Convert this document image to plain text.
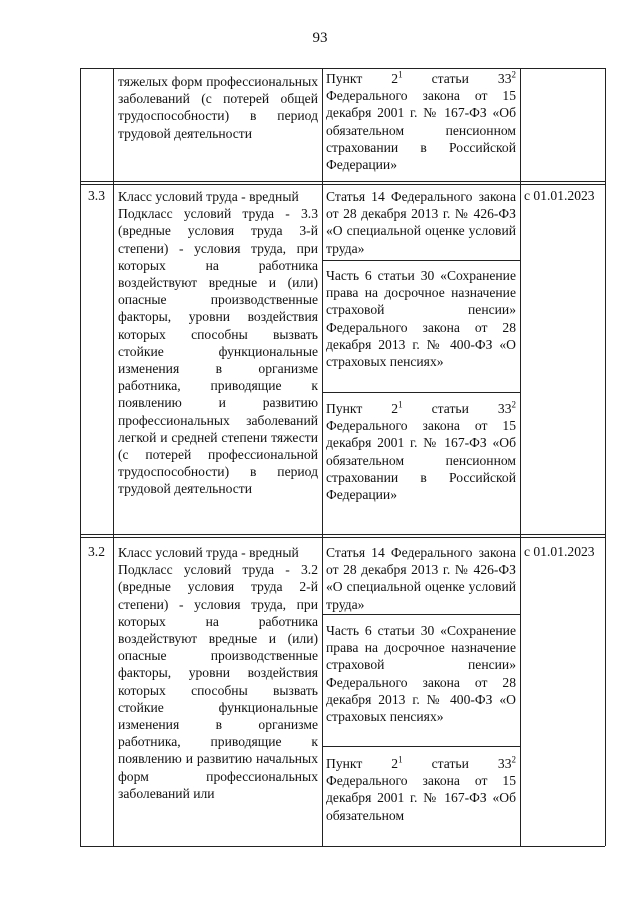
93

тяжелых форм профессиональных заболеваний (с потерей общей трудоспособности) в период трудовой деятельности

Пункт $2^1$ статьи $33^2$ Федерального закона от 15 декабря 2001 г. № 167-ФЗ «Об обязательном пенсионном страховании в Российской Федерации»

3.3 Класс условий труда - вредный

Подкласс условий труда - 3.3 (вредные условия труда 3-й степени) - условия труда, при которых на работника воздействуют вредные и (или) опасные производственные факторы, уровни воздействия которых способны вызвать стойкие функциональные изменения в организме работника, приводящие к появлению и развитию профессиональных заболеваний легкой и средней степени тяжести (с потерей профессиональной трудоспособности) в период трудовой деятельности

Статья 14 Федерального закона от 28 декабря 2013 г. № 426-ФЗ «О специальной оценке условий труда»

Часть 6 статьи 30 «Сохранение права на досрочное назначение страховой пенсии» Федерального закона от 28 декабря 2013 г. № 400-ФЗ «О страховых пенсиях»

Пункт $2^1$ статьи $33^2$ Федерального закона от 15 декабря 2001 г. № 167-ФЗ «Об обязательном пенсионном страховании в Российской Федерации»

с 01.01.2023
3.2 Класс условий труда - вредный

Подкласс условий труда - 3.2 (вредные условия труда 2-й степени) - условия труда, при которых на работника воздействуют вредные и (или) опасные производственные факторы, уровни воздействия которых способны вызвать стойкие функциональные изменения в организме работника, приводящие к появлению и развитию начальных форм профессиональных заболеваний или

Статья 14 Федерального закона от 28 декабря 2013 г. № 426-ФЗ «О специальной оценке условий труда»

Часть 6 статьи 30 «Сохранение права на досрочное назначение страховой пенсии» Федерального закона от 28 декабря 2013 г. № 400-ФЗ «О страховых пенсиях»

Пункт $2^1$ статьи $33^2$ Федерального закона от 15 декабря 2001 г. № 167-ФЗ «Об обязательном

с 01.01.2023
